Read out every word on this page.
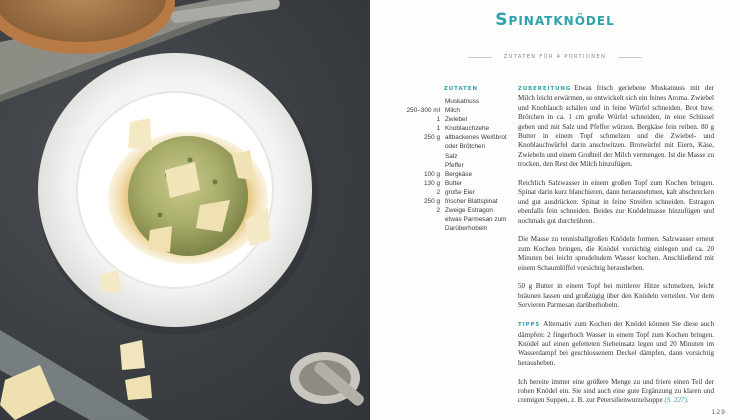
Spinatknödel
ZUTATEN FÜR 4 PORTIONEN
ZUTATEN
Muskatnuss
250–300 ml Milch
1 Zwiebel
1 Knoblauchzehe
250 g altbackenes Weißbrot
oder Brötchen
Salz
Pfeffer
100 g Bergkäse
130 g Butter
2 große Eier
250 g frischer Blattspinat
2 Zweige Estragon
etwas Parmesan zum
Darüberhobeln

ZUBEREITUNG Etwas frisch geriebene Muskatnuss mit der Milch leicht erwärmen, so entwickelt sich ein feines Aroma. Zwiebel und Knoblauch schälen und in feine Würfel schneiden. Brot bzw. Brötchen in ca. 1 cm große Würfel schneiden, in eine Schüssel geben und mit Salz und Pfeffer würzen. Bergkäse fein reiben. 80 g Butter in einem Topf schmelzen und die Zwiebel- und Knoblauchwürfel darin anschwitzen. Brotwürfel mit Eiern, Käse, Zwiebeln und einem Großteil der Milch vermengen. Ist die Masse zu trocken, den Rest der Milch hinzufügen.

Reichlich Salzwasser in einem großen Topf zum Kochen bringen. Spinat darin kurz blanchieren, dann herausnehmen, kalt abschrecken und gut ausdrücken. Spinat in feine Streifen schneiden. Estragon ebenfalls fein schneiden. Beides zur Knödelmasse hinzufügen und nochmals gut durchrühren.

Die Masse zu tennisballgroßen Knödeln formen. Salzwasser erneut zum Kochen bringen, die Knödel vorsichtig einlegen und ca. 20 Minuten bei leicht sprudelndem Wasser kochen. Anschließend mit einem Schaumlöffel vorsichtig herausheben.

50 g Butter in einem Topf bei mittlerer Hitze schmelzen, leicht bräunen lassen und großzügig über den Knödeln verteilen. Vor dem Servieren Parmesan darüberhobeln.

TIPPS Alternativ zum Kochen der Knödel können Sie diese auch dämpfen: 2 fingerhoch Wasser in einem Topf zum Kochen bringen. Knödel auf einen gefetteten Siebeinsatz legen und 20 Minuten im Wasserdampf bei geschlossenem Deckel dämpfen, dann vorsichtig herausheben.

Ich bereite immer eine größere Menge zu und friere einen Teil der rohen Knödel ein. Sie sind auch eine gute Ergänzung zu klaren und cremigen Suppen, z. B. zur Petersilienwurzelsuppe (S. 227).

129
